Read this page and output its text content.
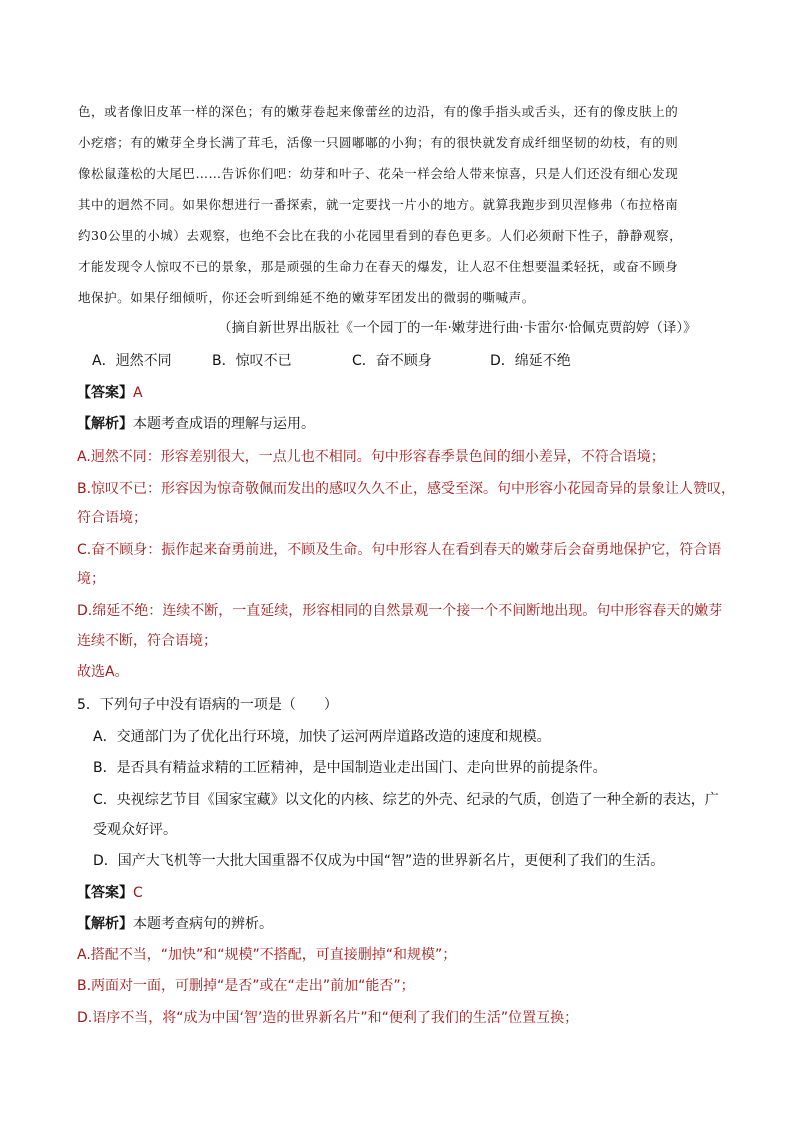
色，或者像旧皮革一样的深色；有的嫩芽卷起来像蕾丝的边沿，有的像手指头或舌头，还有的像皮肤上的
小疙瘩；有的嫩芽全身长满了茸毛，活像一只圆嘟嘟的小狗；有的很快就发育成纤细坚韧的幼枝，有的则
像松鼠蓬松的大尾巴……告诉你们吧：幼芽和叶子、花朵一样会给人带来惊喜，只是人们还没有细心发现
其中的迥然不同。如果你想进行一番探索，就一定要找一片小的地方。就算我跑步到贝涅修弗（布拉格南
约30公里的小城）去观察，也绝不会比在我的小花园里看到的春色更多。人们必须耐下性子，静静观察，
才能发现令人惊叹不已的景象，那是顽强的生命力在春天的爆发，让人忍不住想要温柔轻抚，或奋不顾身
地保护。如果仔细倾听，你还会听到绵延不绝的嫩芽军团发出的微弱的嘶喊声。
（摘自新世界出版社《一个园丁的一年·嫩芽进行曲·卡雷尔·恰佩克贾韵婷（译）》
A．迥然不同	B．惊叹不已	C．奋不顾身	D．绵延不绝
【答案】A
【解析】本题考查成语的理解与运用。
A.迥然不同：形容差别很大，一点儿也不相同。句中形容春季景色间的细小差异，不符合语境；
B.惊叹不已：形容因为惊奇敬佩而发出的感叹久久不止，感受至深。句中形容小花园奇异的景象让人赞叹，
符合语境；
C.奋不顾身：振作起来奋勇前进，不顾及生命。句中形容人在看到春天的嫩芽后会奋勇地保护它，符合语
境；
D.绵延不绝：连续不断，一直延续，形容相同的自然景观一个接一个不间断地出现。句中形容春天的嫩芽
连续不断，符合语境；
故选A。
5．下列句子中没有语病的一项是（　　）
A．交通部门为了优化出行环境，加快了运河两岸道路改造的速度和规模。
B．是否具有精益求精的工匠精神，是中国制造业走出国门、走向世界的前提条件。
C．央视综艺节目《国家宝藏》以文化的内核、综艺的外壳、纪录的气质，创造了一种全新的表达，广
受观众好评。
D．国产大飞机等一大批大国重器不仅成为中国“智”造的世界新名片，更便利了我们的生活。
【答案】C
【解析】本题考查病句的辨析。
A.搭配不当，“加快”和“规模”不搭配，可直接删掉“和规模”；
B.两面对一面，可删掉“是否”或在“走出”前加“能否”；
D.语序不当，将“成为中国‘智’造的世界新名片”和“便利了我们的生活”位置互换；
